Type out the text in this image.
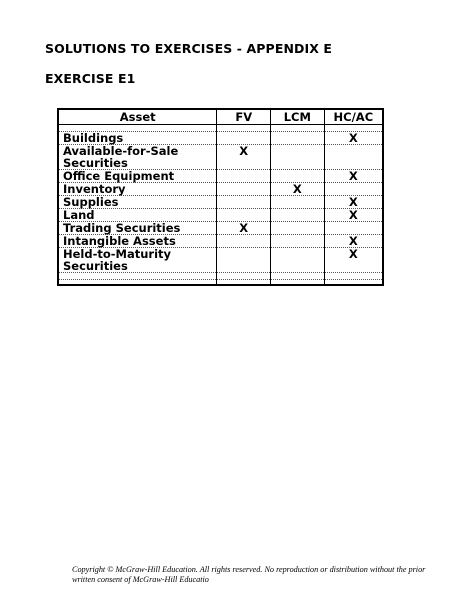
SOLUTIONS TO EXERCISES - APPENDIX E
EXERCISE E1
Asset	FV	LCM	HC/AC

Buildings			X
Available-for-Sale Securities	X		
Office Equipment			X
Inventory		X	
Supplies			X
Land			X
Trading Securities	X		
Intangible Assets			X
Held-to-Maturity Securities			X

Copyright © McGraw-Hill Education. All rights reserved. No reproduction or distribution without the prior written consent of McGraw-Hill Educatio
